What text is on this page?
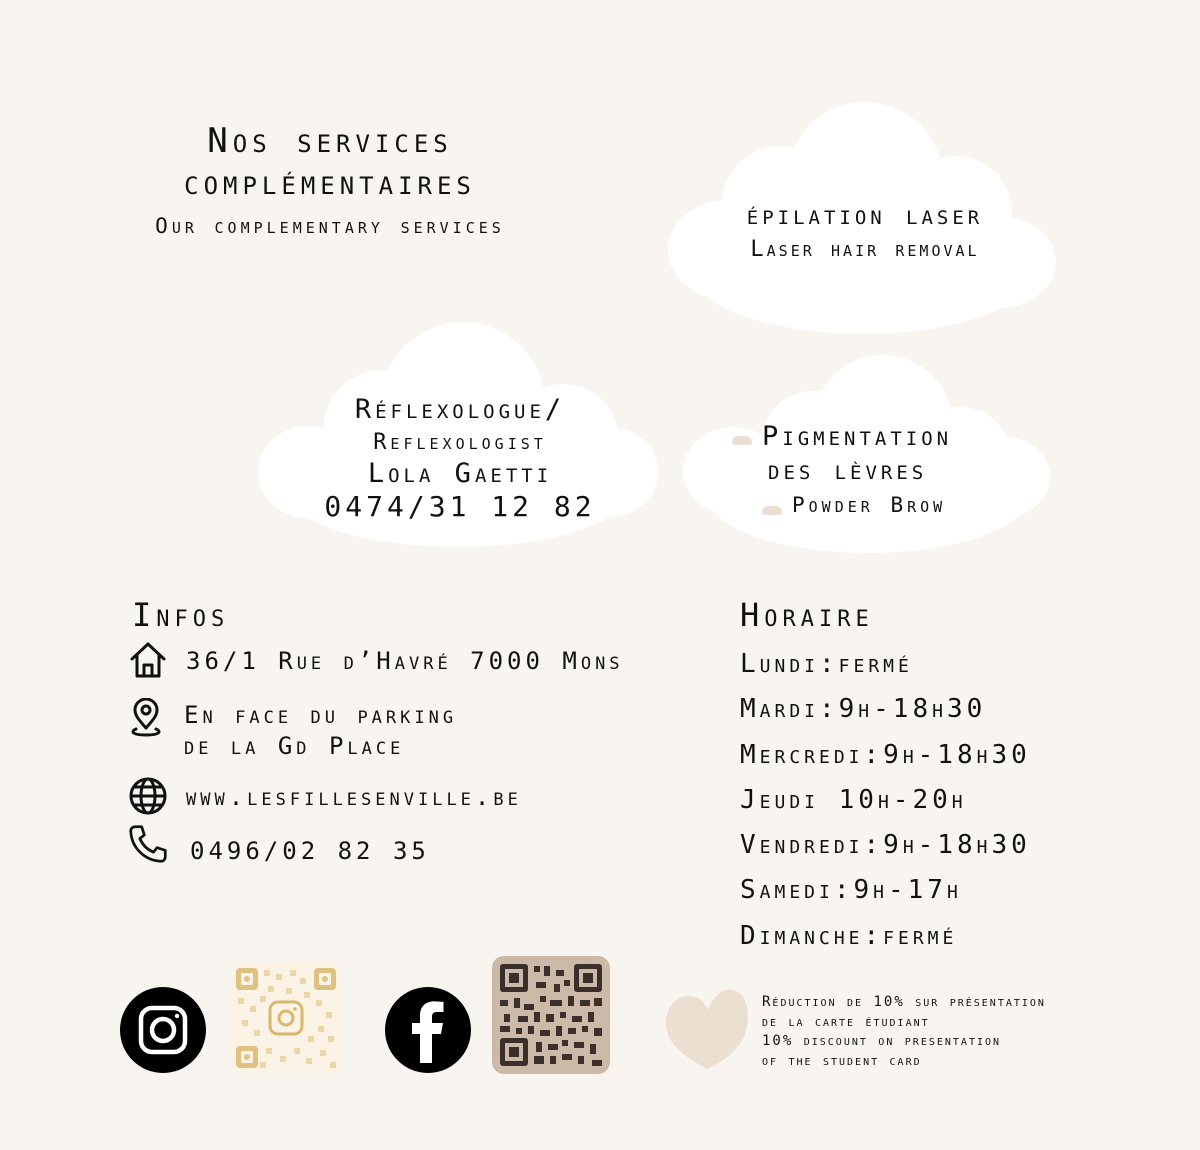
Nos services
complémentaires
Our complementary services	épilation laser
Laser hair removal
Réflexologue/
Reflexologist
Lola Gaetti
0474/31 12 82
Pigmentation
des lèvres
Powder Brow
Infos
36/1 Rue d’Havré 7000 Mons
En face du parking
de la Gd Place
www.lesfillesenville.be
0496/02 82 35
Horaire
Lundi:fermé
Mardi:9h-18h30
Mercredi:9h-18h30
Jeudi 10h-20h
Vendredi:9h-18h30
Samedi:9h-17h
Dimanche:fermé
Réduction de 10% sur présentation
de la carte étudiant
10% discount on presentation
of the student card
